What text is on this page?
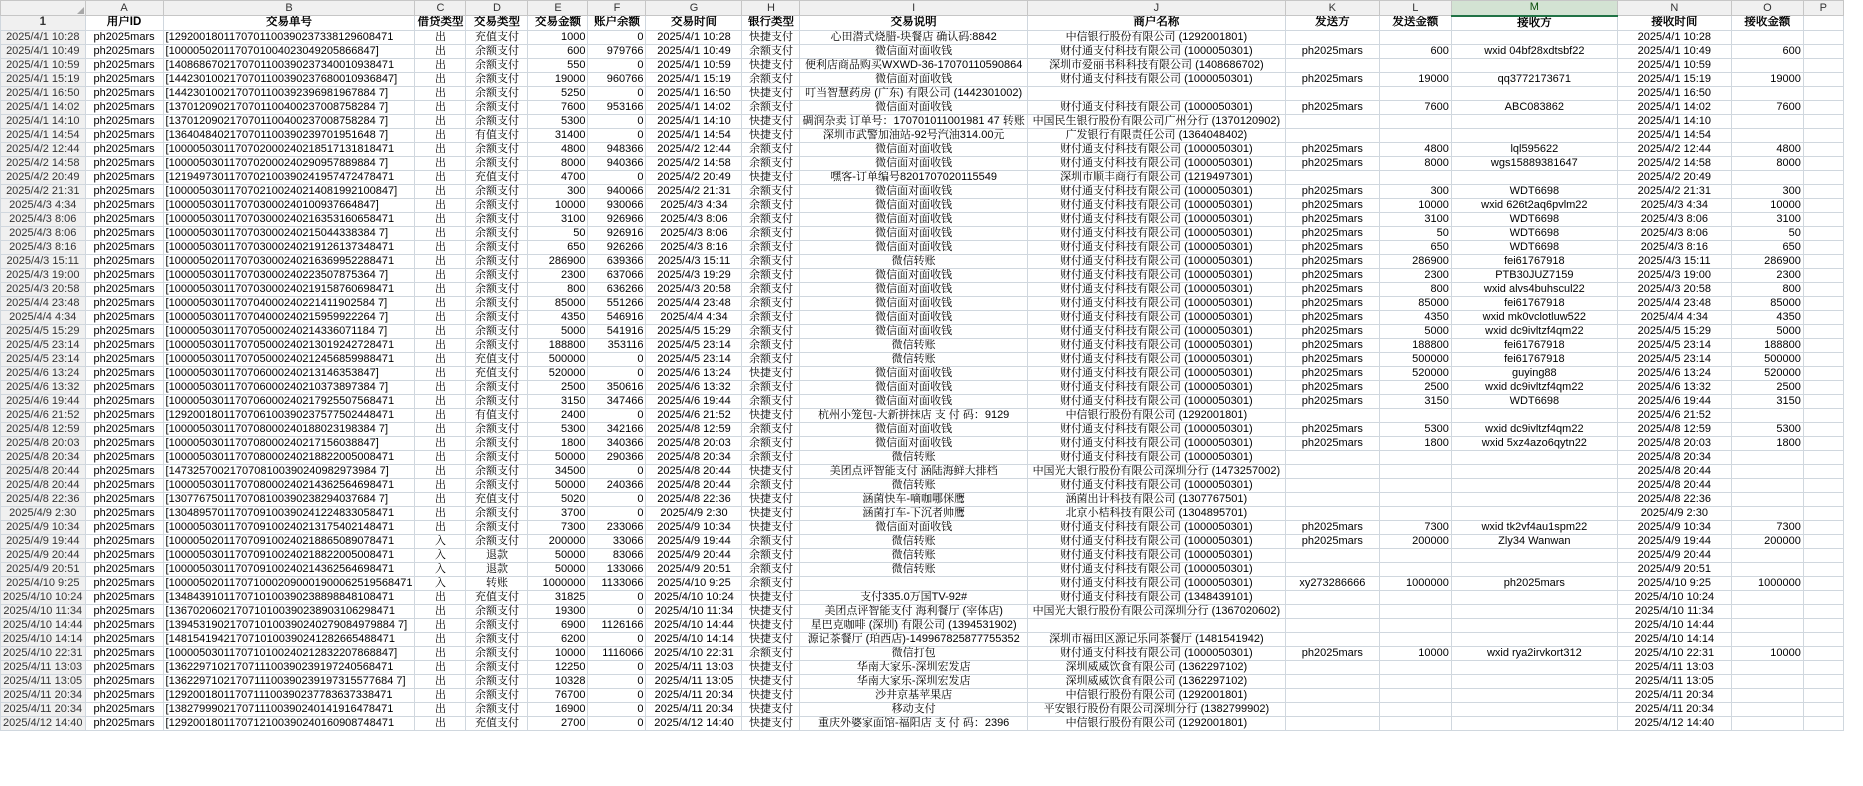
	A	B	C	D	E	F	G	H	I	J	K	L	M	N	O	P
1	用户ID	交易单号	借贷类型	交易类型	交易金额	账户余额	交易时间	银行类型	交易说明	商户名称	发送方	发送金额	接收方	接收时间	接收金额	
2025/4/1 10:28	ph2025mars	[1292001801170701100390237338129608471	出	充值支付	1000	0	2025/4/1 10:28	快捷支付	心田潜式烧腊-块餐店 确认码:8842	中信银行股份有限公司 (1292001801)				2025/4/1 10:28		
2025/4/1 10:49	ph2025mars	[1000050201170701004023049205866847]	出	余额支付	600	979766	2025/4/1 10:49	余额支付	微信面对面收钱	财付通支付科技有限公司 (1000050301)	ph2025mars	600	wxid 04bf28xdtsbf22	2025/4/1 10:49	600	
2025/4/1 10:59	ph2025mars	[1408686702170701100390237340010938471	出	余额支付	550	0	2025/4/1 10:59	快捷支付	便利店商品购买WXWD-36-17070110590864	深圳市爱丽书科科技有限公司 (1408686702)				2025/4/1 10:59		
2025/4/1 15:19	ph2025mars	[1442301002170701100390237680010936847]	出	余额支付	19000	960766	2025/4/1 15:19	余额支付	微信面对面收钱	财付通支付科技有限公司 (1000050301)	ph2025mars	19000	qq3772173671	2025/4/1 15:19	19000	
2025/4/1 16:50	ph2025mars	[1442301002170701100392396981967884 7]	出	余额支付	5250	0	2025/4/1 16:50	快捷支付	叮当智慧药房 (广东) 有限公司 (1442301002)					2025/4/1 16:50		
2025/4/1 14:02	ph2025mars	[1370120902170701100400237008758284 7]	出	余额支付	7600	953166	2025/4/1 14:02	余额支付	微信面对面收钱	财付通支付科技有限公司 (1000050301)	ph2025mars	7600	ABC083862	2025/4/1 14:02	7600	
2025/4/1 14:10	ph2025mars	[1370120902170701100400237008758284 7]	出	余额支付	5300	0	2025/4/1 14:10	快捷支付	碉润杂卖 订单号：170701011001981 47 转账	中国民生银行股份有限公司广州分行 (1370120902)				2025/4/1 14:10		
2025/4/1 14:54	ph2025mars	[1364048402170701100390239701951648 7]	出	有值支付	31400	0	2025/4/1 14:54	快捷支付	深圳市武警加油站-92号汽油314.00元	广发银行有限责任公司 (1364048402)				2025/4/1 14:54		
2025/4/2 12:44	ph2025mars	[1000050301170702000240218517131818471	出	余额支付	4800	948366	2025/4/2 12:44	余额支付	微信面对面收钱	财付通支付科技有限公司 (1000050301)	ph2025mars	4800	lql595622	2025/4/2 12:44	4800	
2025/4/2 14:58	ph2025mars	[1000050301170702000240290957889884 7]	出	余额支付	8000	940366	2025/4/2 14:58	余额支付	微信面对面收钱	财付通支付科技有限公司 (1000050301)	ph2025mars	8000	wgs15889381647	2025/4/2 14:58	8000	
2025/4/2 20:49	ph2025mars	[1219497301170702100390241957472478471	出	充值支付	4700	0	2025/4/2 20:49	快捷支付	嘿客-订单编号8201707020115549	深圳市顺丰商行有限公司 (1219497301)				2025/4/2 20:49		
2025/4/2 21:31	ph2025mars	[1000050301170702100240214081992100847]	出	余额支付	300	940066	2025/4/2 21:31	余额支付	微信面对面收钱	财付通支付科技有限公司 (1000050301)	ph2025mars	300	WDT6698	2025/4/2 21:31	300	
2025/4/3 4:34	ph2025mars	[1000050301170703000240100937664847]	出	余额支付	10000	930066	2025/4/3 4:34	余额支付	微信面对面收钱	财付通支付科技有限公司 (1000050301)	ph2025mars	10000	wxid 626t2aq6pvlm22	2025/4/3 4:34	10000	
2025/4/3 8:06	ph2025mars	[1000050301170703000240216353160658471	出	余额支付	3100	926966	2025/4/3 8:06	余额支付	微信面对面收钱	财付通支付科技有限公司 (1000050301)	ph2025mars	3100	WDT6698	2025/4/3 8:06	3100	
2025/4/3 8:06	ph2025mars	[1000050301170703000240215044338384 7]	出	余额支付	50	926916	2025/4/3 8:06	余额支付	微信面对面收钱	财付通支付科技有限公司 (1000050301)	ph2025mars	50	WDT6698	2025/4/3 8:06	50	
2025/4/3 8:16	ph2025mars	[1000050301170703000240219126137348471	出	余额支付	650	926266	2025/4/3 8:16	余额支付	微信面对面收钱	财付通支付科技有限公司 (1000050301)	ph2025mars	650	WDT6698	2025/4/3 8:16	650	
2025/4/3 15:11	ph2025mars	[1000050201170703000240216369952288471	出	余额支付	286900	639366	2025/4/3 15:11	余额支付	微信转账	财付通支付科技有限公司 (1000050301)	ph2025mars	286900	fei61767918	2025/4/3 15:11	286900	
2025/4/3 19:00	ph2025mars	[1000050301170703000240223507875364 7]	出	余额支付	2300	637066	2025/4/3 19:29	余额支付	微信面对面收钱	财付通支付科技有限公司 (1000050301)	ph2025mars	2300	PTB30JUZ7159	2025/4/3 19:00	2300	
2025/4/3 20:58	ph2025mars	[1000050301170703000240219158760698471	出	余额支付	800	636266	2025/4/3 20:58	余额支付	微信面对面收钱	财付通支付科技有限公司 (1000050301)	ph2025mars	800	wxid alvs4buhscul22	2025/4/3 20:58	800	
2025/4/4 23:48	ph2025mars	[1000050301170704000240221411902584 7]	出	余额支付	85000	551266	2025/4/4 23:48	余额支付	微信面对面收钱	财付通支付科技有限公司 (1000050301)	ph2025mars	85000	fei61767918	2025/4/4 23:48	85000	
2025/4/4 4:34	ph2025mars	[1000050301170704000240215959922264 7]	出	余额支付	4350	546916	2025/4/4 4:34	余额支付	微信面对面收钱	财付通支付科技有限公司 (1000050301)	ph2025mars	4350	wxid mk0vclotluw522	2025/4/4 4:34	4350	
2025/4/5 15:29	ph2025mars	[1000050301170705000240214336071184 7]	出	余额支付	5000	541916	2025/4/5 15:29	余额支付	微信面对面收钱	财付通支付科技有限公司 (1000050301)	ph2025mars	5000	wxid dc9ivltzf4qm22	2025/4/5 15:29	5000	
2025/4/5 23:14	ph2025mars	[1000050301170705000240213019242728471	出	余额支付	188800	353116	2025/4/5 23:14	余额支付	微信转账	财付通支付科技有限公司 (1000050301)	ph2025mars	188800	fei61767918	2025/4/5 23:14	188800	
2025/4/5 23:14	ph2025mars	[1000050301170705000240212456859988471	出	充值支付	500000	0	2025/4/5 23:14	余额支付	微信转账	财付通支付科技有限公司 (1000050301)	ph2025mars	500000	fei61767918	2025/4/5 23:14	500000	
2025/4/6 13:24	ph2025mars	[1000050301170706000240213146353847]	出	充值支付	520000	0	2025/4/6 13:24	快捷支付	微信面对面收钱	财付通支付科技有限公司 (1000050301)	ph2025mars	520000	guying88	2025/4/6 13:24	520000	
2025/4/6 13:32	ph2025mars	[1000050301170706000240210373897384 7]	出	余额支付	2500	350616	2025/4/6 13:32	余额支付	微信面对面收钱	财付通支付科技有限公司 (1000050301)	ph2025mars	2500	wxid dc9ivltzf4qm22	2025/4/6 13:32	2500	
2025/4/6 19:44	ph2025mars	[1000050301170706000240217925507568471	出	余额支付	3150	347466	2025/4/6 19:44	余额支付	微信面对面收钱	财付通支付科技有限公司 (1000050301)	ph2025mars	3150	WDT6698	2025/4/6 19:44	3150	
2025/4/6 21:52	ph2025mars	[1292001801170706100390237577502448471	出	有值支付	2400	0	2025/4/6 21:52	快捷支付	杭州小笼包-大新拼抹店 支 付 码：9129	中信银行股份有限公司 (1292001801)				2025/4/6 21:52		
2025/4/8 12:59	ph2025mars	[1000050301170708000240188023198384 7]	出	余额支付	5300	342166	2025/4/8 12:59	余额支付	微信面对面收钱	财付通支付科技有限公司 (1000050301)	ph2025mars	5300	wxid dc9ivltzf4qm22	2025/4/8 12:59	5300	
2025/4/8 20:03	ph2025mars	[1000050301170708000240217156038847]	出	余额支付	1800	340366	2025/4/8 20:03	余额支付	微信面对面收钱	财付通支付科技有限公司 (1000050301)	ph2025mars	1800	wxid 5xz4azo6qytn22	2025/4/8 20:03	1800	
2025/4/8 20:34	ph2025mars	[1000050301170708000240218822005008471	出	余额支付	50000	290366	2025/4/8 20:34	余额支付	微信转账	财付通支付科技有限公司 (1000050301)				2025/4/8 20:34		
2025/4/8 20:44	ph2025mars	[1473257002170708100390240982973984 7]	出	余额支付	34500	0	2025/4/8 20:44	快捷支付	美团点评智能支付 涵陆海鲜大排档	中国光大银行股份有限公司深圳分行 (1473257002)				2025/4/8 20:44		
2025/4/8 20:44	ph2025mars	[1000050301170708000240214362564698471	出	余额支付	50000	240366	2025/4/8 20:44	余额支付	微信转账	财付通支付科技有限公司 (1000050301)				2025/4/8 20:44		
2025/4/8 22:36	ph2025mars	[1307767501170708100390238294037684 7]	出	充值支付	5020	0	2025/4/8 22:36	快捷支付	涵菌快车-嘀咖哪侎鹰	涵菌出计科技有限公司 (1307767501)				2025/4/8 22:36		
2025/4/9 2:30	ph2025mars	[1304895701170709100390241224833058471	出	余额支付	3700	0	2025/4/9 2:30	快捷支付	涵菌打车-下沉者帅鹰	北京小桔科技有限公司 (1304895701)				2025/4/9 2:30		
2025/4/9 10:34	ph2025mars	[1000050301170709100240213175402148471	出	余额支付	7300	233066	2025/4/9 10:34	快捷支付	微信面对面收钱	财付通支付科技有限公司 (1000050301)	ph2025mars	7300	wxid tk2vf4au1spm22	2025/4/9 10:34	7300	
2025/4/9 19:44	ph2025mars	[1000050201170709100240218865089078471	入	余额支付	200000	33066	2025/4/9 19:44	余额支付	微信转账	财付通支付科技有限公司 (1000050301)	ph2025mars	200000	Zly34 Wanwan	2025/4/9 19:44	200000	
2025/4/9 20:44	ph2025mars	[1000050301170709100240218822005008471	入	退款	50000	83066	2025/4/9 20:44	余额支付	微信转账	财付通支付科技有限公司 (1000050301)				2025/4/9 20:44		
2025/4/9 20:51	ph2025mars	[1000050301170709100240214362564698471	入	退款	50000	133066	2025/4/9 20:51	余额支付	微信转账	财付通支付科技有限公司 (1000050301)				2025/4/9 20:51		
2025/4/10 9:25	ph2025mars	[1000050201170710002090001900062519568471	入	转账	1000000	1133066	2025/4/10 9:25	余额支付		财付通支付科技有限公司 (1000050301)	xy273286666	1000000	ph2025mars	2025/4/10 9:25	1000000	
2025/4/10 10:24	ph2025mars	[1348439101170710100390238898848108471	出	充值支付	31825	0	2025/4/10 10:24	快捷支付	支付335.0万国TV-92#	财付通支付科技有限公司 (1348439101)				2025/4/10 10:24		
2025/4/10 11:34	ph2025mars	[1367020602170710100390238903106298471	出	余额支付	19300	0	2025/4/10 11:34	快捷支付	美团点评智能支付 海利餐厅 (宰体店)	中国光大银行股份有限公司深圳分行 (1367020602)				2025/4/10 11:34		
2025/4/10 14:44	ph2025mars	[1394531902170710100390240279084979884 7]	出	余额支付	6900	1126166	2025/4/10 14:44	快捷支付	星巴克咖啡 (深圳) 有限公司 (1394531902)					2025/4/10 14:44		
2025/4/10 14:14	ph2025mars	[1481541942170710100390241282665488471	出	余额支付	6200	0	2025/4/10 14:14	快捷支付	源记茶餐厅 (珀西店)-149967825877755352	深圳市福田区源记乐同茶餐厅 (1481541942)				2025/4/10 14:14		
2025/4/10 22:31	ph2025mars	[1000050301170710100240212832207868847]	出	余额支付	10000	1116066	2025/4/10 22:31	余额支付	微信打包	财付通支付科技有限公司 (1000050301)	ph2025mars	10000	wxid rya2irvkort312	2025/4/10 22:31	10000	
2025/4/11 13:03	ph2025mars	[1362297102170711100390239197240568471	出	余额支付	12250	0	2025/4/11 13:03	快捷支付	华南大家乐-深圳宏发店	深圳威威饮食有限公司 (1362297102)				2025/4/11 13:03		
2025/4/11 13:05	ph2025mars	[1362297102170711100390239197315577684 7]	出	余额支付	10328	0	2025/4/11 13:05	快捷支付	华南大家乐-深圳宏发店	深圳威威饮食有限公司 (1362297102)				2025/4/11 13:05		
2025/4/11 20:34	ph2025mars	[1292001801170711100390237783637338471	出	余额支付	76700	0	2025/4/11 20:34	快捷支付	沙井京基苹果店	中信银行股份有限公司 (1292001801)				2025/4/11 20:34		
2025/4/11 20:34	ph2025mars	[1382799902170711100390240141916478471	出	余额支付	16900	0	2025/4/11 20:34	快捷支付	移动支付	平安银行股份有限公司深圳分行 (1382799902)				2025/4/11 20:34		
2025/4/12 14:40	ph2025mars	[1292001801170712100390240160908748471	出	充值支付	2700	0	2025/4/12 14:40	快捷支付	重庆外婆家面馆-福阳店 支 付 码：2396	中信银行股份有限公司 (1292001801)				2025/4/12 14:40		
